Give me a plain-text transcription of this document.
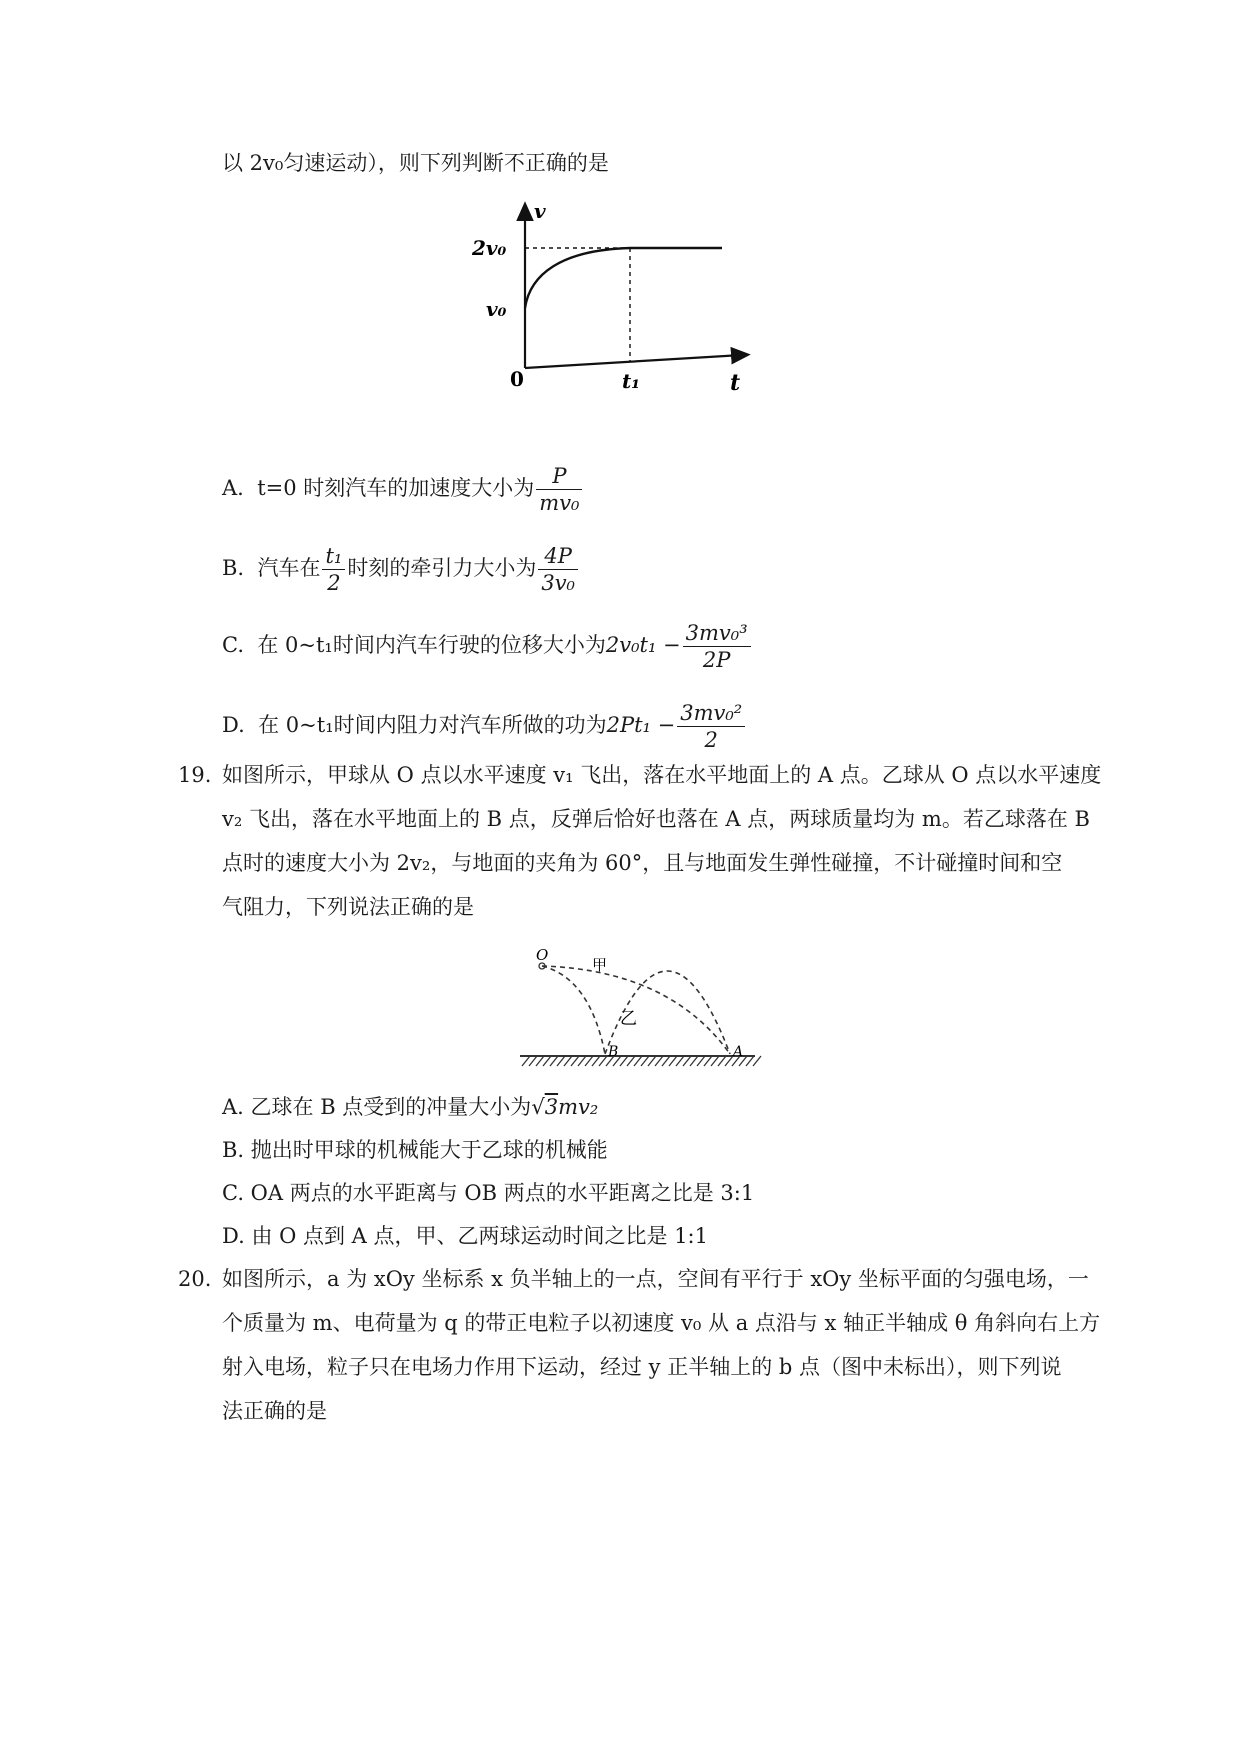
以 2v₀匀速运动），则下列判断不正确的是
v
2v₀
v₀
0	t₁	t
A. t=0 时刻汽车的加速度大小为 $\frac{P}{\text{mv₀}}$
B. 汽车在 $\frac{\text{t₁}}{2}$ 时刻的牵引力大小为 $\frac{4P}{\text{3v₀}}$
C. 在 0~t₁时间内汽车行驶的位移大小为$2v_0t_1 - \frac{\text{3mv₀³}}{2P}$
D. 在 0~t₁时间内阻力对汽车所做的功为$2Pt_1 - \frac{\text{3mv₀²}}{2}$
19. 如图所示，甲球从 O 点以水平速度 v₁ 飞出，落在水平地面上的 A 点。乙球从 O 点以水平速度
v₂ 飞出，落在水平地面上的 B 点，反弹后恰好也落在 A 点，两球质量均为 m。若乙球落在 B
点时的速度大小为 2v₂，与地面的夹角为 60°，且与地面发生弹性碰撞，不计碰撞时间和空
气阻力，下列说法正确的是
O
甲
乙
B	A
A. 乙球在 B 点受到的冲量大小为√3mv₂
B. 抛出时甲球的机械能大于乙球的机械能
C. OA 两点的水平距离与 OB 两点的水平距离之比是 3:1
D. 由 O 点到 A 点，甲、乙两球运动时间之比是 1:1
20. 如图所示，a 为 xOy 坐标系 x 负半轴上的一点，空间有平行于 xOy 坐标平面的匀强电场，一
个质量为 m、电荷量为 q 的带正电粒子以初速度 v₀ 从 a 点沿与 x 轴正半轴成 θ 角斜向右上方
射入电场，粒子只在电场力作用下运动，经过 y 正半轴上的 b 点（图中未标出），则下列说
法正确的是
